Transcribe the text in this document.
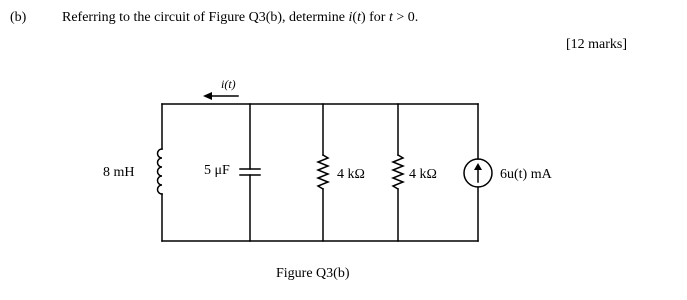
(b)	Referring to the circuit of Figure Q3(b), determine i(t) for t > 0.
[12 marks]
i(t)
8 mH	5 μF	4 kΩ	4 kΩ	6u(t) mA
Figure Q3(b)
